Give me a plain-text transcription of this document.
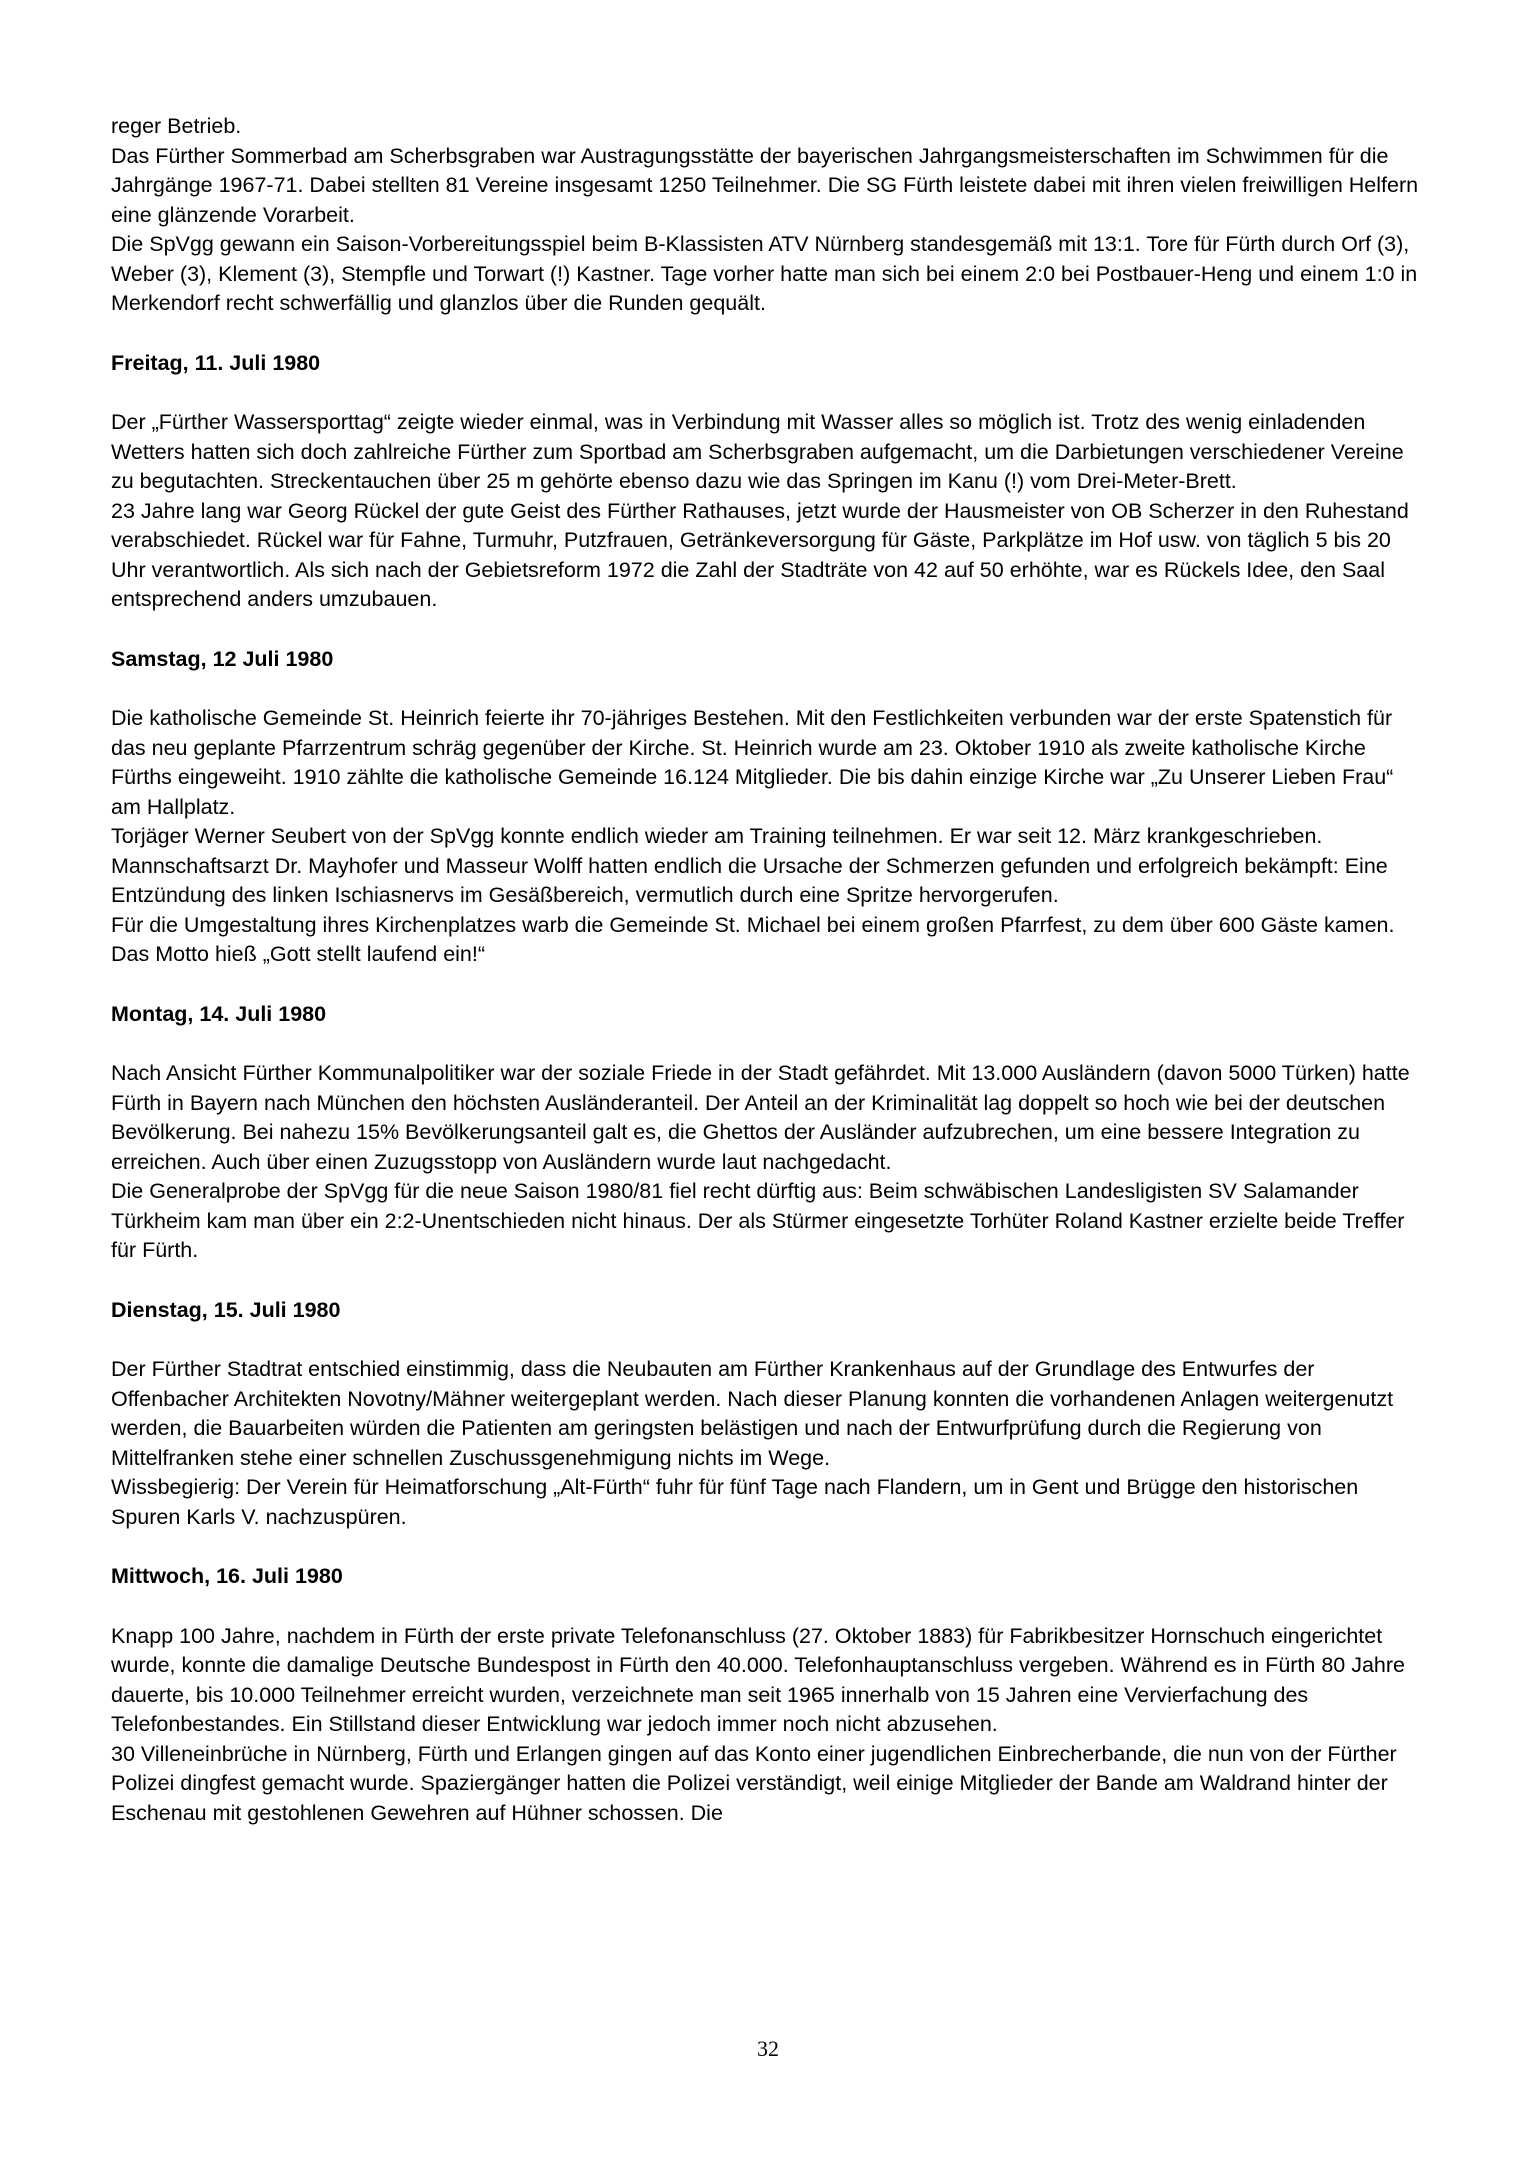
reger Betrieb.

Das Fürther Sommerbad am Scherbsgraben war Austragungsstätte der bayerischen Jahrgangsmeisterschaften im Schwimmen für die Jahrgänge 1967-71. Dabei stellten 81 Vereine insgesamt 1250 Teilnehmer. Die SG Fürth leistete dabei mit ihren vielen freiwilligen Helfern eine glänzende Vorarbeit.

Die SpVgg gewann ein Saison-Vorbereitungsspiel beim B-Klassisten ATV Nürnberg standesgemäß mit 13:1. Tore für Fürth durch Orf (3), Weber (3), Klement (3), Stempfle und Torwart (!) Kastner. Tage vorher hatte man sich bei einem 2:0 bei Postbauer-Heng und einem 1:0 in Merkendorf recht schwerfällig und glanzlos über die Runden gequält.

Freitag, 11. Juli 1980

Der „Fürther Wassersporttag“ zeigte wieder einmal, was in Verbindung mit Wasser alles so möglich ist. Trotz des wenig einladenden Wetters hatten sich doch zahlreiche Fürther zum Sportbad am Scherbsgraben aufgemacht, um die Darbietungen verschiedener Vereine zu begutachten. Streckentauchen über 25 m gehörte ebenso dazu wie das Springen im Kanu (!) vom Drei-Meter-Brett.

23 Jahre lang war Georg Rückel der gute Geist des Fürther Rathauses, jetzt wurde der Hausmeister von OB Scherzer in den Ruhestand verabschiedet. Rückel war für Fahne, Turmuhr, Putzfrauen, Getränkeversorgung für Gäste, Parkplätze im Hof usw. von täglich 5 bis 20 Uhr verantwortlich. Als sich nach der Gebietsreform 1972 die Zahl der Stadträte von 42 auf 50 erhöhte, war es Rückels Idee, den Saal entsprechend anders umzubauen.

Samstag, 12 Juli 1980

Die katholische Gemeinde St. Heinrich feierte ihr 70-jähriges Bestehen. Mit den Festlichkeiten verbunden war der erste Spatenstich für das neu geplante Pfarrzentrum schräg gegenüber der Kirche. St. Heinrich wurde am 23. Oktober 1910 als zweite katholische Kirche Fürths eingeweiht. 1910 zählte die katholische Gemeinde 16.124 Mitglieder. Die bis dahin einzige Kirche war „Zu Unserer Lieben Frau“ am Hallplatz.

Torjäger Werner Seubert von der SpVgg konnte endlich wieder am Training teilnehmen. Er war seit 12. März krankgeschrieben. Mannschaftsarzt Dr. Mayhofer und Masseur Wolff hatten endlich die Ursache der Schmerzen gefunden und erfolgreich bekämpft: Eine Entzündung des linken Ischiasnervs im Gesäßbereich, vermutlich durch eine Spritze hervorgerufen.

Für die Umgestaltung ihres Kirchenplatzes warb die Gemeinde St. Michael bei einem großen Pfarrfest, zu dem über 600 Gäste kamen. Das Motto hieß „Gott stellt laufend ein!“

Montag, 14. Juli 1980

Nach Ansicht Fürther Kommunalpolitiker war der soziale Friede in der Stadt gefährdet. Mit 13.000 Ausländern (davon 5000 Türken) hatte Fürth in Bayern nach München den höchsten Ausländeranteil. Der Anteil an der Kriminalität lag doppelt so hoch wie bei der deutschen Bevölkerung. Bei nahezu 15% Bevölkerungsanteil galt es, die Ghettos der Ausländer aufzubrechen, um eine bessere Integration zu erreichen. Auch über einen Zuzugsstopp von Ausländern wurde laut nachgedacht.

Die Generalprobe der SpVgg für die neue Saison 1980/81 fiel recht dürftig aus: Beim schwäbischen Landesligisten SV Salamander Türkheim kam man über ein 2:2-Unentschieden nicht hinaus. Der als Stürmer eingesetzte Torhüter Roland Kastner erzielte beide Treffer für Fürth.

Dienstag, 15. Juli 1980

Der Fürther Stadtrat entschied einstimmig, dass die Neubauten am Fürther Krankenhaus auf der Grundlage des Entwurfes der Offenbacher Architekten Novotny/Mähner weitergeplant werden. Nach dieser Planung konnten die vorhandenen Anlagen weitergenutzt werden, die Bauarbeiten würden die Patienten am geringsten belästigen und nach der Entwurfprüfung durch die Regierung von Mittelfranken stehe einer schnellen Zuschussgenehmigung nichts im Wege.

Wissbegierig: Der Verein für Heimatforschung „Alt-Fürth“ fuhr für fünf Tage nach Flandern, um in Gent und Brügge den historischen Spuren Karls V. nachzuspüren.

Mittwoch, 16. Juli 1980

Knapp 100 Jahre, nachdem in Fürth der erste private Telefonanschluss (27. Oktober 1883) für Fabrikbesitzer Hornschuch eingerichtet wurde, konnte die damalige Deutsche Bundespost in Fürth den 40.000. Telefonhauptanschluss vergeben. Während es in Fürth 80 Jahre dauerte, bis 10.000 Teilnehmer erreicht wurden, verzeichnete man seit 1965 innerhalb von 15 Jahren eine Vervierfachung des Telefonbestandes. Ein Stillstand dieser Entwicklung war jedoch immer noch nicht abzusehen.

30 Villeneinbrüche in Nürnberg, Fürth und Erlangen gingen auf das Konto einer jugendlichen Einbrecherbande, die nun von der Fürther Polizei dingfest gemacht wurde. Spaziergänger hatten die Polizei verständigt, weil einige Mitglieder der Bande am Waldrand hinter der Eschenau mit gestohlenen Gewehren auf Hühner schossen. Die

32
